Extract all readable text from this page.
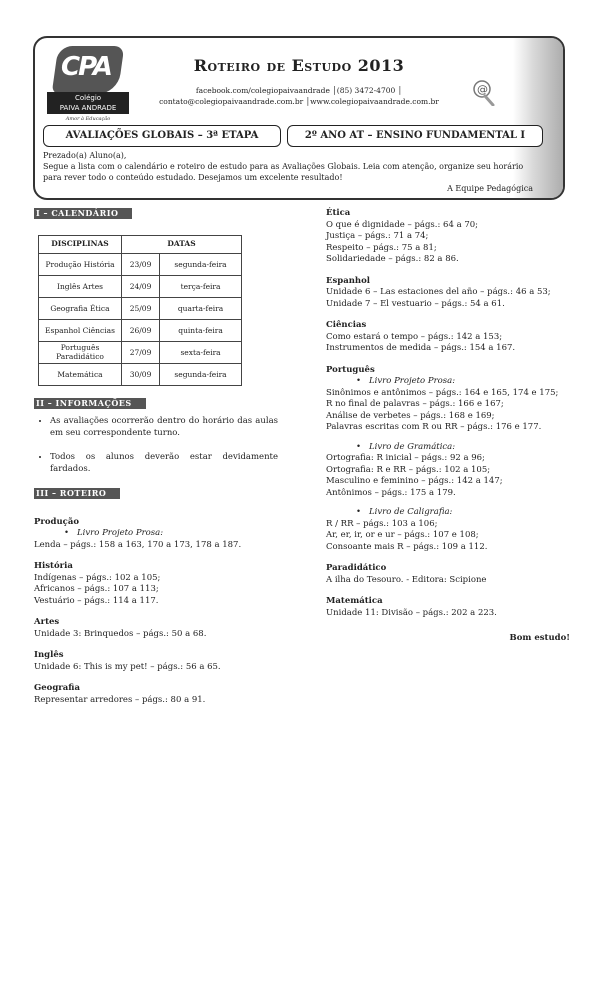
CPA
Colégio
PAIVA ANDRADE
Amor à Educação
Roteiro de Estudo 2013
facebook.com/colegiopaivaandrade │(85) 3472-4700 │
contato@colegiopaivaandrade.com.br │www.colegiopaivaandrade.com.br
@
AVALIAÇÕES GLOBAIS – 3ª ETAPA	2º ANO AT – ENSINO FUNDAMENTAL I
Prezado(a) Aluno(a),
Segue a lista com o calendário e roteiro de estudo para as Avaliações Globais. Leia com atenção, organize seu horário para rever todo o conteúdo estudado. Desejamos um excelente resultado!
A Equipe Pedagógica
I – CALENDÁRIO
DISCIPLINAS	DATAS	
Produção História	23/09	segunda-feira
Inglês Artes	24/09	terça-feira
Geografia Ética	25/09	quarta-feira
Espanhol Ciências	26/09	quinta-feira
Português Paradidático	27/09	sexta-feira
Matemática	30/09	segunda-feira
II – INFORMAÇÕES
• As avaliações ocorrerão dentro do horário das aulas em seu correspondente turno.
• Todos os alunos deverão estar devidamente fardados.
III – ROTEIRO
Produção
• Livro Projeto Prosa:
Lenda – págs.: 158 a 163, 170 a 173, 178 a 187.
História
Indígenas – págs.: 102 a 105;
Africanos – págs.: 107 a 113;
Vestuário – págs.: 114 a 117.
Artes
Unidade 3: Brinquedos – págs.: 50 a 68.
Inglês
Unidade 6: This is my pet! – págs.: 56 a 65.
Geografia
Representar arredores – págs.: 80 a 91.
Ética
O que é dignidade – págs.: 64 a 70;
Justiça – págs.: 71 a 74;
Respeito – págs.: 75 a 81;
Solidariedade – págs.: 82 a 86.
Espanhol
Unidade 6 – Las estaciones del año – págs.: 46 a 53;
Unidade 7 – El vestuario – págs.: 54 a 61.
Ciências
Como estará o tempo – págs.: 142 a 153;
Instrumentos de medida – págs.: 154 a 167.
Português
• Livro Projeto Prosa:
Sinônimos e antônimos – págs.: 164 e 165, 174 e 175;
R no final de palavras – págs.: 166 e 167;
Análise de verbetes – págs.: 168 e 169;
Palavras escritas com R ou RR – págs.: 176 e 177.
• Livro de Gramática:
Ortografia: R inicial – págs.: 92 a 96;
Ortografia: R e RR – págs.: 102 a 105;
Masculino e feminino – págs.: 142 a 147;
Antônimos – págs.: 175 a 179.
• Livro de Caligrafia:
R / RR – págs.: 103 a 106;
Ar, er, ir, or e ur – págs.: 107 e 108;
Consoante mais R – págs.: 109 a 112.
Paradidático
A ilha do Tesouro. - Editora: Scipione
Matemática
Unidade 11: Divisão – págs.: 202 a 223.
Bom estudo!
